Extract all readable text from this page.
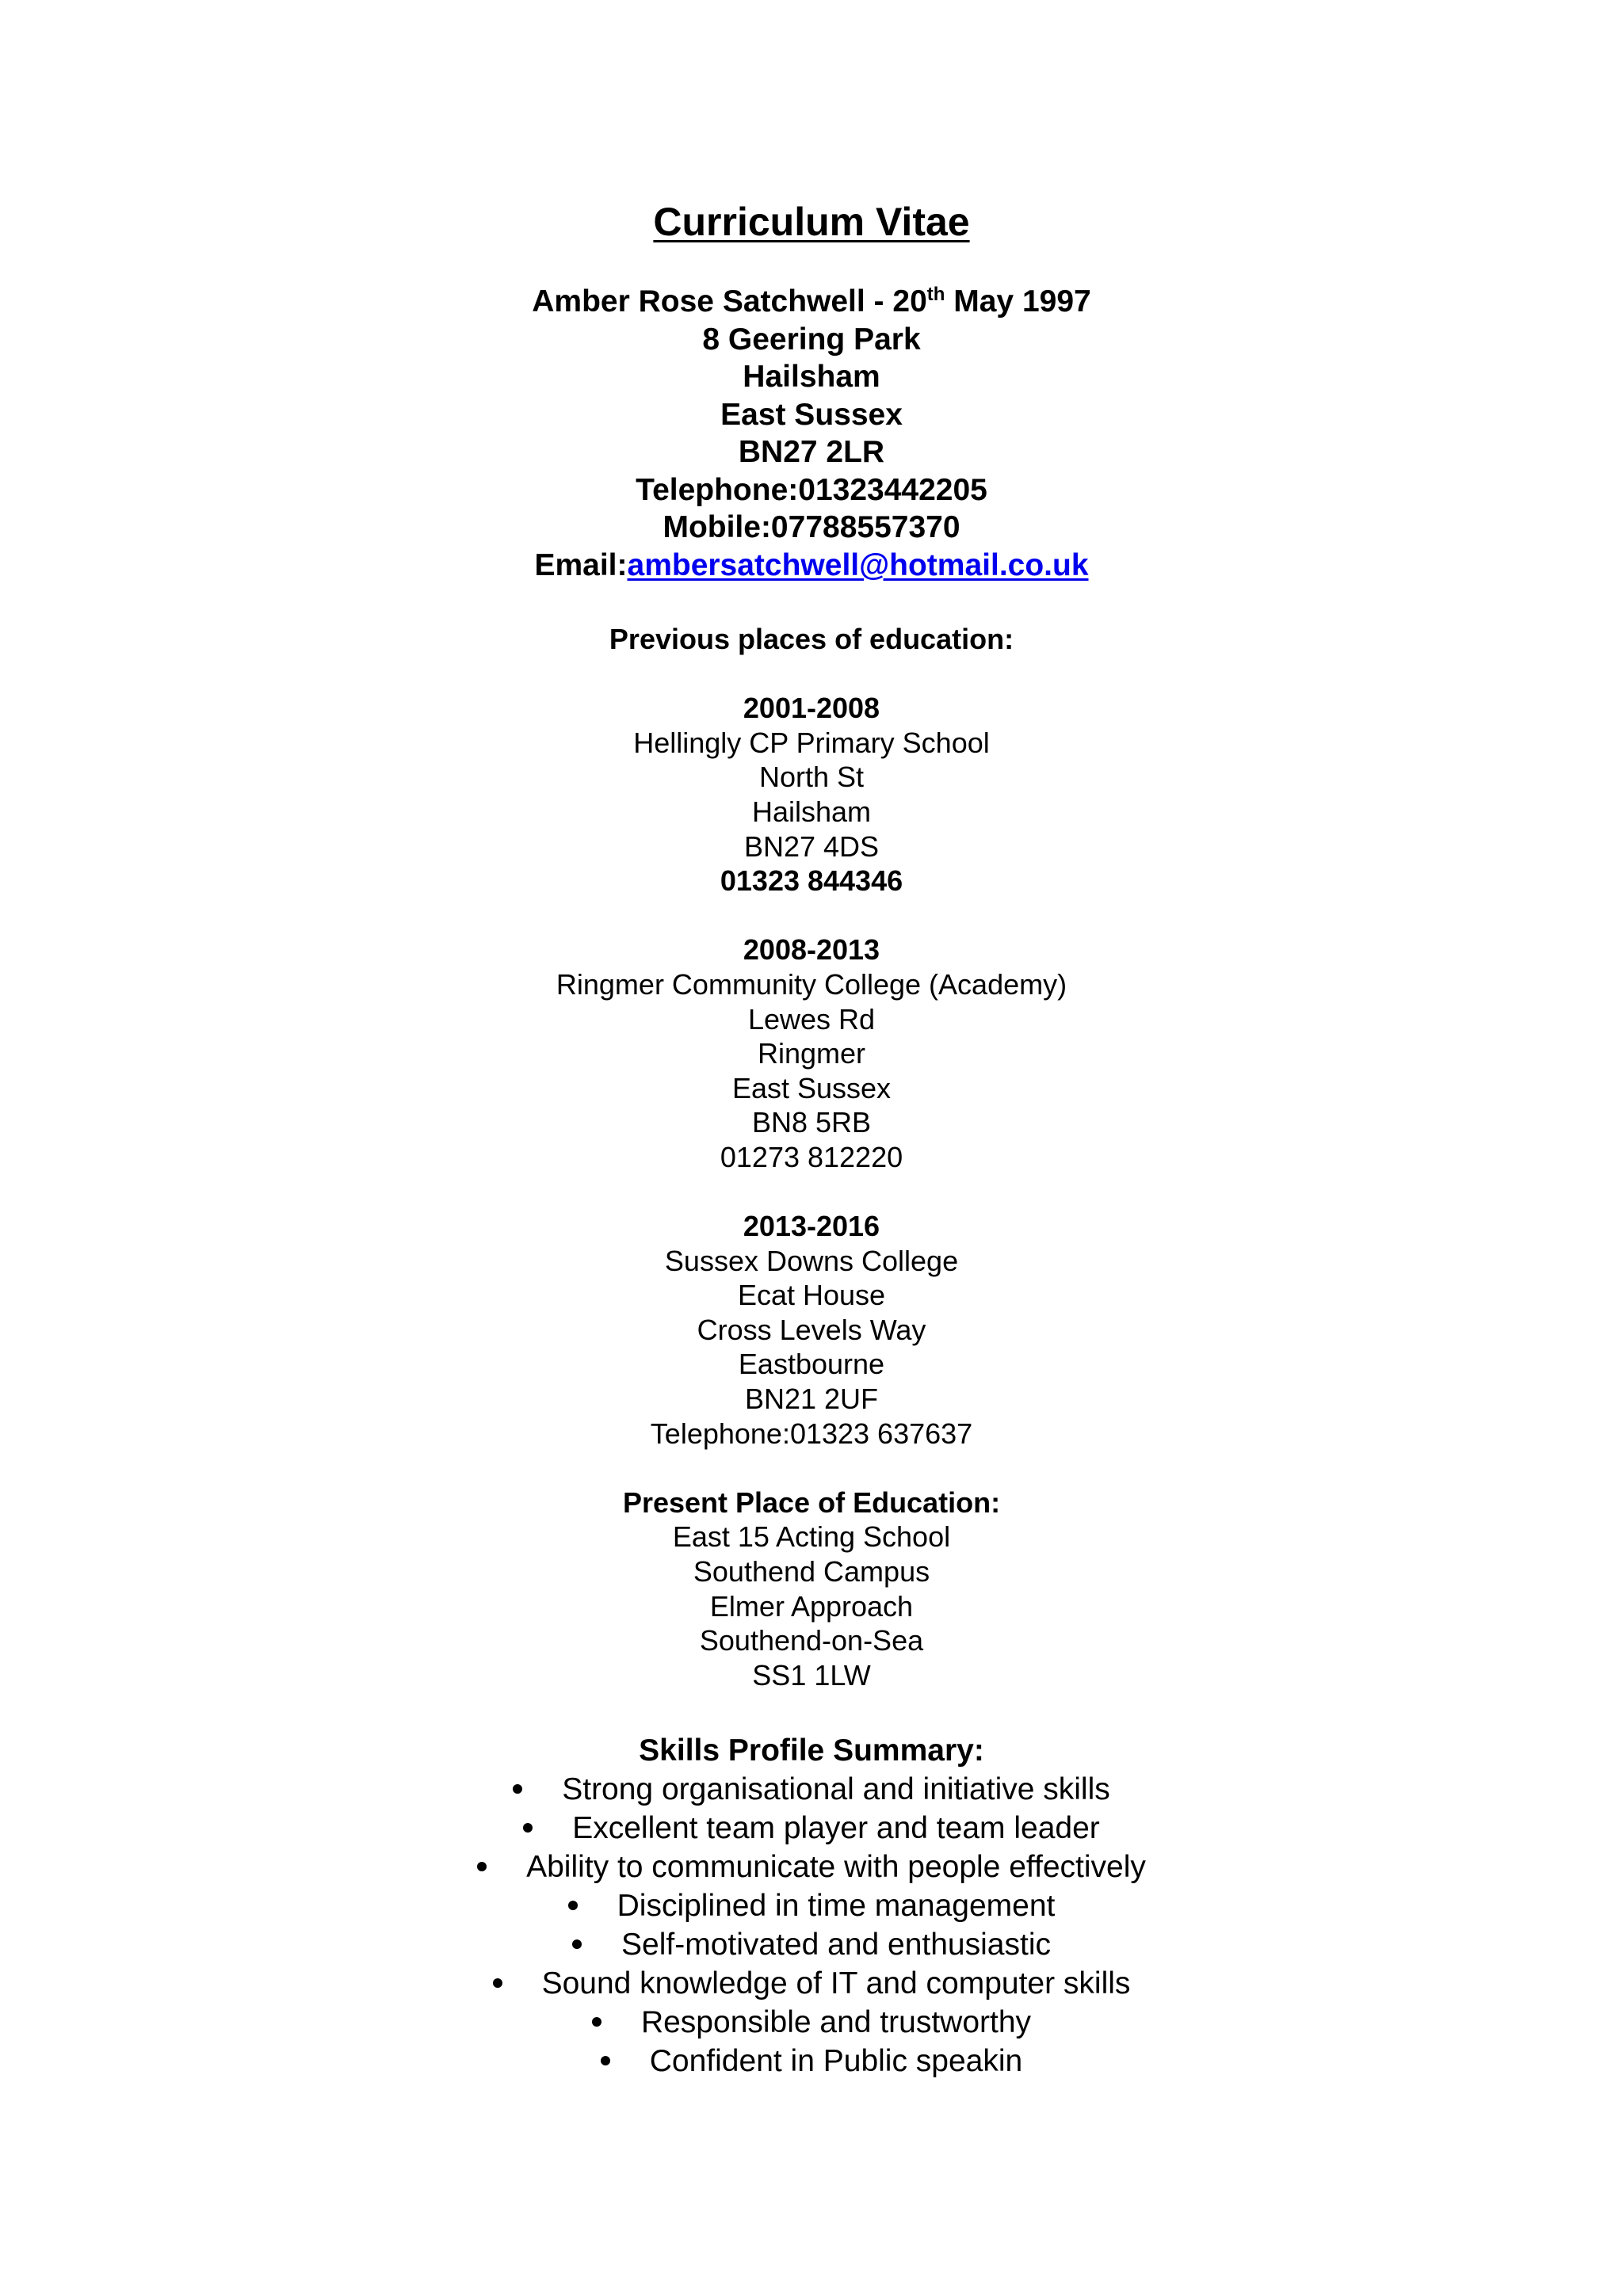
Curriculum Vitae
Amber Rose Satchwell - 20th May 1997
8 Geering Park
Hailsham
East Sussex
BN27 2LR
Telephone:01323442205
Mobile:07788557370
Email:ambersatchwell@hotmail.co.uk
Previous places of education:
2001-2008
Hellingly CP Primary School
North St
Hailsham
BN27 4DS
01323 844346
2008-2013
Ringmer Community College (Academy)
Lewes Rd
Ringmer
East Sussex
BN8 5RB
01273 812220
2013-2016
Sussex Downs College
Ecat House
Cross Levels Way
Eastbourne
BN21 2UF
Telephone:01323 637637
Present Place of Education:
East 15 Acting School
Southend Campus
Elmer Approach
Southend-on-Sea
SS1 1LW
Skills Profile Summary:
Strong organisational and initiative skills
Excellent team player and team leader
Ability to communicate with people effectively
Disciplined in time management
Self-motivated and enthusiastic
Sound knowledge of IT and computer skills
Responsible and trustworthy
Confident in Public speakin
